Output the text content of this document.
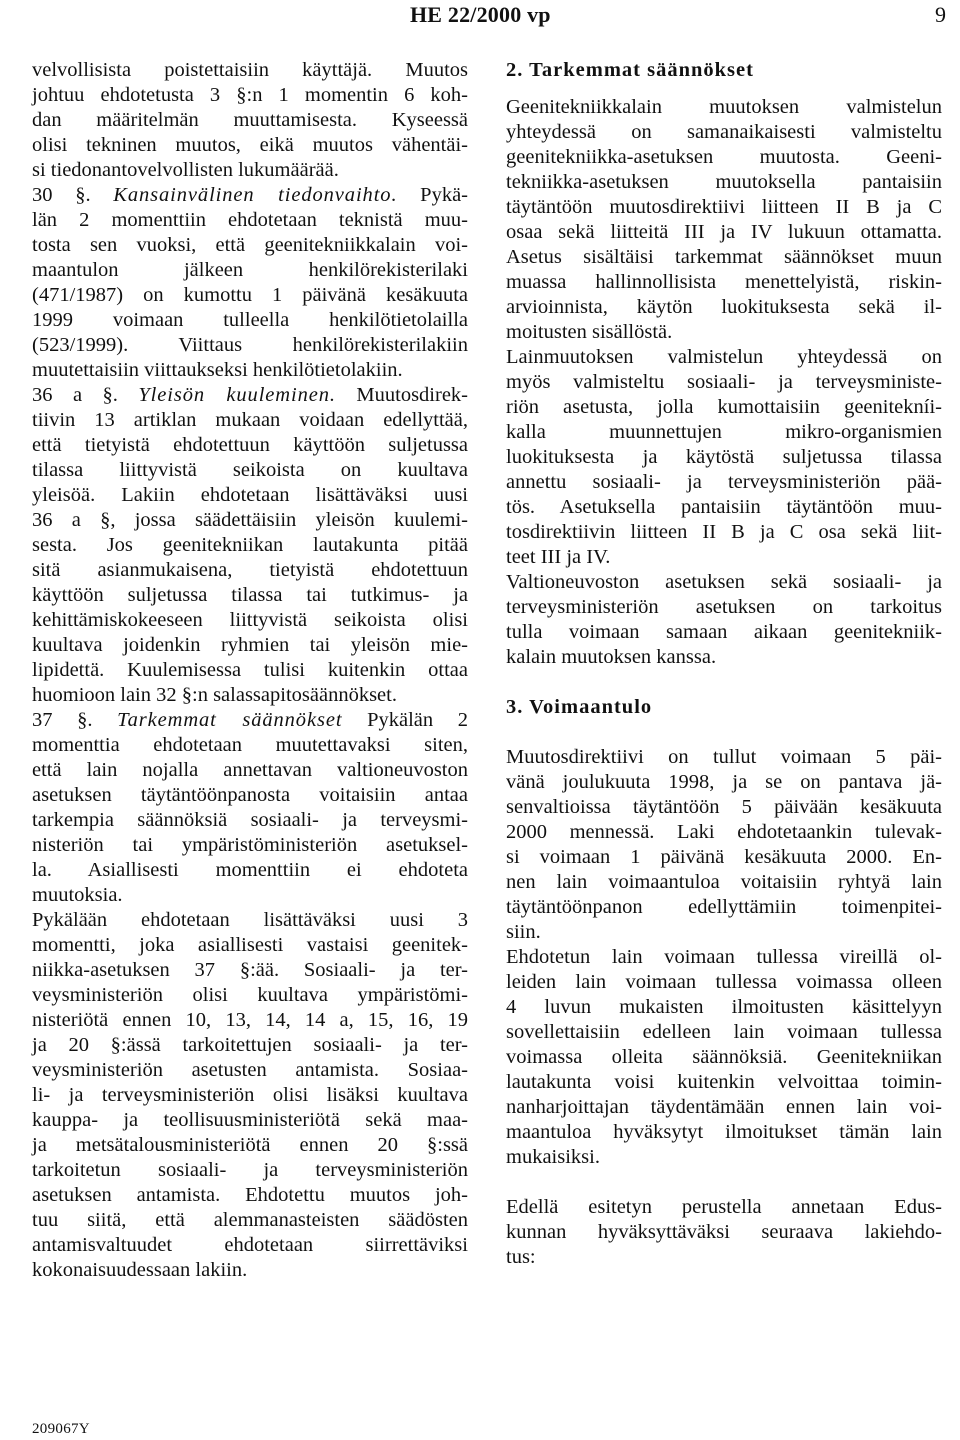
HE 22/2000 vp	9
velvollisista poistettaisiin käyttäjä. Muutos
johtuu ehdotetusta 3 §:n 1 momentin 6 koh-
dan määritelmän muuttamisesta. Kyseessä
olisi tekninen muutos, eikä muutos vähentäi-
si tiedonantovelvollisten lukumäärää.
30 §. Kansainvälinen tiedonvaihto. Pykä-
län 2 momenttiin ehdotetaan teknistä muu-
tosta sen vuoksi, että geenitekniikkalain voi-
maantulon jälkeen henkilörekisterilaki
(471/1987) on kumottu 1 päivänä kesäkuuta
1999 voimaan tulleella henkilötietolailla
(523/1999). Viittaus henkilörekisterilakiin
muutettaisiin viittaukseksi henkilötietolakiin.
36 a §. Yleisön kuuleminen. Muutosdirek-
tiivin 13 artiklan mukaan voidaan edellyttää,
että tietyistä ehdotettuun käyttöön suljetussa
tilassa liittyvistä seikoista on kuultava
yleisöä. Lakiin ehdotetaan lisättäväksi uusi
36 a §, jossa säädettäisiin yleisön kuulemi-
sesta. Jos geenitekniikan lautakunta pitää
sitä asianmukaisena, tietyistä ehdotettuun
käyttöön suljetussa tilassa tai tutkimus- ja
kehittämiskokeeseen liittyvistä seikoista olisi
kuultava joidenkin ryhmien tai yleisön mie-
lipidettä. Kuulemisessa tulisi kuitenkin ottaa
huomioon lain 32 §:n salassapitosäännökset.
37 §. Tarkemmat säännökset Pykälän 2
momenttia ehdotetaan muutettavaksi siten,
että lain nojalla annettavan valtioneuvoston
asetuksen täytäntöönpanosta voitaisiin antaa
tarkempia säännöksiä sosiaali- ja terveysmi-
nisteriön tai ympäristöministeriön asetuksel-
la. Asiallisesti momenttiin ei ehdoteta
muutoksia.
Pykälään ehdotetaan lisättäväksi uusi 3
momentti, joka asiallisesti vastaisi geenitek-
niikka-asetuksen 37 §:ää. Sosiaali- ja ter-
veysministeriön olisi kuultava ympäristömi-
nisteriötä ennen 10, 13, 14, 14 a, 15, 16, 19
ja 20 §:ässä tarkoitettujen sosiaali- ja ter-
veysministeriön asetusten antamista. Sosiaa-
li- ja terveysministeriön olisi lisäksi kuultava
kauppa- ja teollisuusministeriötä sekä maa-
ja metsätalousministeriötä ennen 20 §:ssä
tarkoitetun sosiaali- ja terveysministeriön
asetuksen antamista. Ehdotettu muutos joh-
tuu siitä, että alemmanasteisten säädösten
antamisvaltuudet ehdotetaan siirrettäviksi
kokonaisuudessaan lakiin.
2. Tarkemmat säännökset
Geenitekniikkalain muutoksen valmistelun
yhteydessä on samanaikaisesti valmisteltu
geenitekniikka-asetuksen muutosta. Geeni-
tekniikka-asetuksen muutoksella pantaisiin
täytäntöön muutosdirektiivi liitteen II B ja C
osaa sekä liitteitä III ja IV lukuun ottamatta.
Asetus sisältäisi tarkemmat säännökset muun
muassa hallinnollisista menettelyistä, riskin-
arvioinnista, käytön luokituksesta sekä il-
moitusten sisällöstä.
Lainmuutoksen valmistelun yhteydessä on
myös valmisteltu sosiaali- ja terveysministe-
riön asetusta, jolla kumottaisiin geenitekníi-
kalla muunnettujen mikro-organismien
luokituksesta ja käytöstä suljetussa tilassa
annettu sosiaali- ja terveysministeriön pää-
tös. Asetuksella pantaisiin täytäntöön muu-
tosdirektiivin liitteen II B ja C osa sekä liit-
teet III ja IV.
Valtioneuvoston asetuksen sekä sosiaali- ja
terveysministeriön asetuksen on tarkoitus
tulla voimaan samaan aikaan geenitekniik-
kalain muutoksen kanssa.
3. Voimaantulo
Muutosdirektiivi on tullut voimaan 5 päi-
vänä joulukuuta 1998, ja se on pantava jä-
senvaltioissa täytäntöön 5 päivään kesäkuuta
2000 mennessä. Laki ehdotetaankin tulevak-
si voimaan 1 päivänä kesäkuuta 2000. En-
nen lain voimaantuloa voitaisiin ryhtyä lain
täytäntöönpanon edellyttämiin toimenpitei-
siin.
Ehdotetun lain voimaan tullessa vireillä ol-
leiden lain voimaan tullessa voimassa olleen
4 luvun mukaisten ilmoitusten käsittelyyn
sovellettaisiin edelleen lain voimaan tullessa
voimassa olleita säännöksiä. Geenitekniikan
lautakunta voisi kuitenkin velvoittaa toimin-
nanharjoittajan täydentämään ennen lain voi-
maantuloa hyväksytyt ilmoitukset tämän lain
mukaisiksi.
Edellä esitetyn perustella annetaan Edus-
kunnan hyväksyttäväksi seuraava lakiehdo-
tus:
209067Y
